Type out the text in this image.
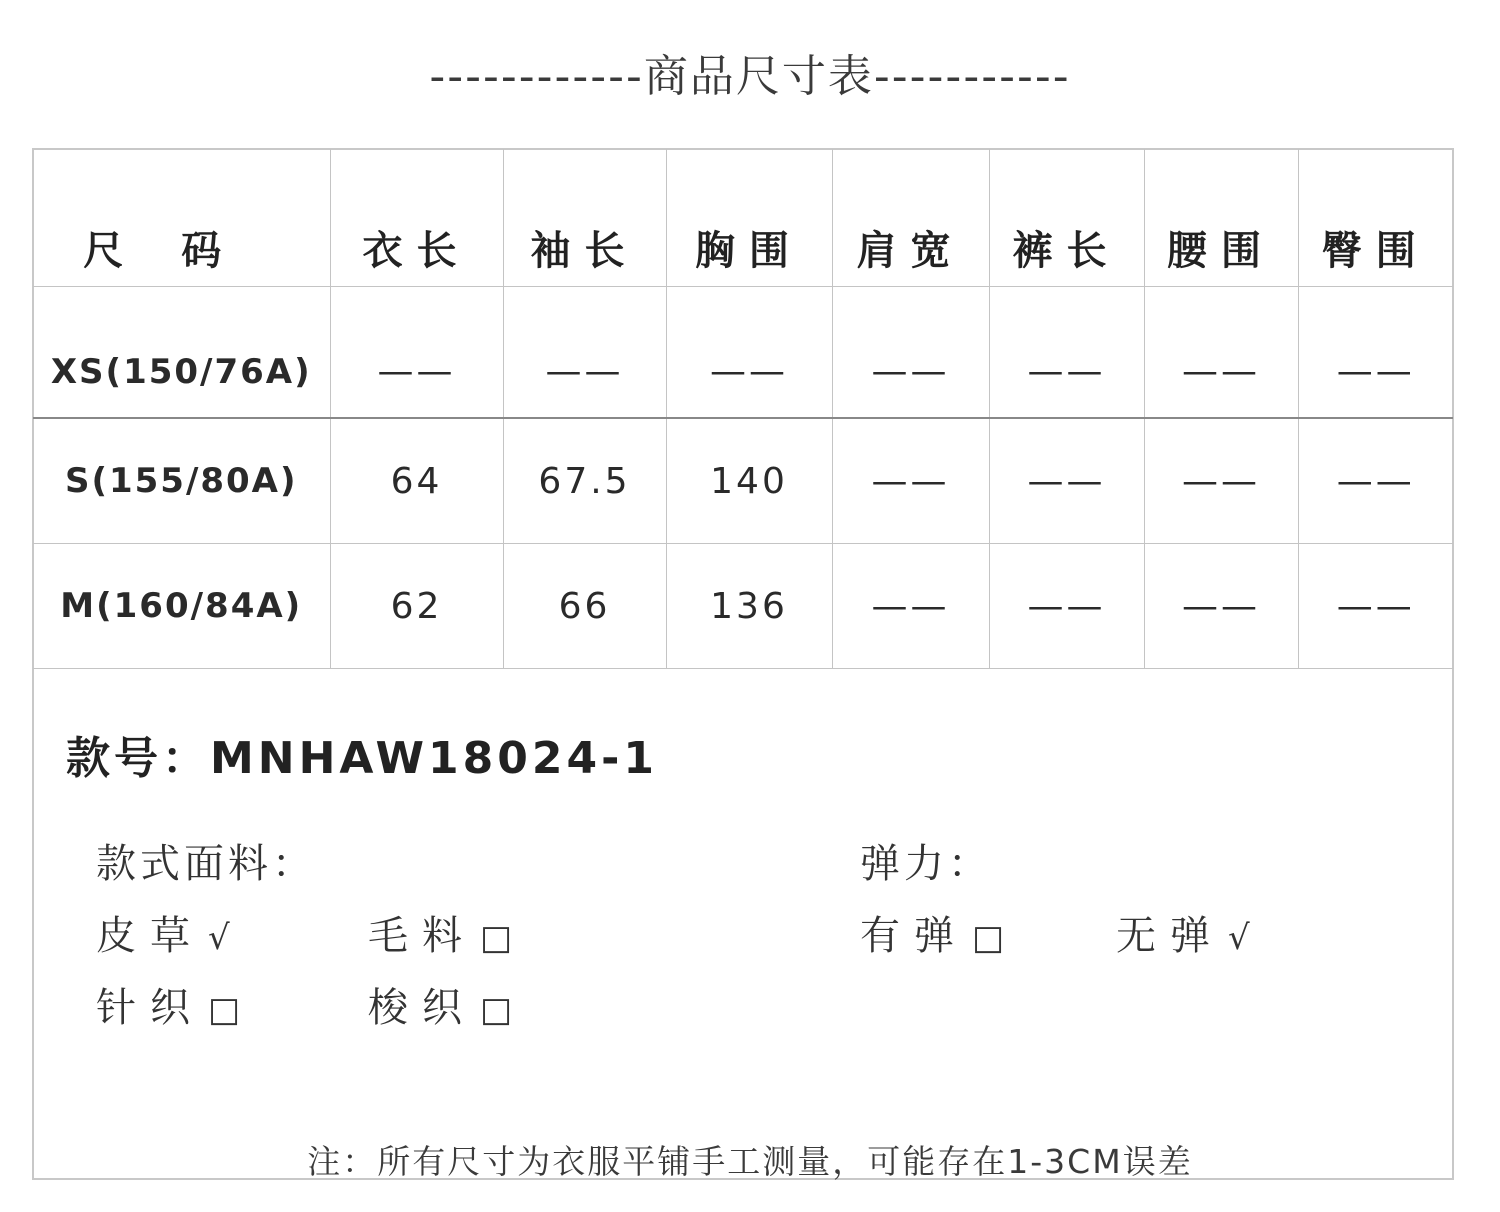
------------商品尺寸表-----------
尺码	衣长	袖长	胸围	肩宽	裤长	腰围	臀围
XS(150/76A)	——	——	——	——	——	——	——
S(155/80A)	64	67.5	140	——	——	——	——
M(160/84A)	62	66	136	——	——	——	——
款号：MNHAW18024-1
款式面料：	弹力：
皮草 √	毛料 □
针织 □	梭织 □
有弹 □	无弹 √
注：所有尺寸为衣服平铺手工测量，可能存在1-3CM误差
